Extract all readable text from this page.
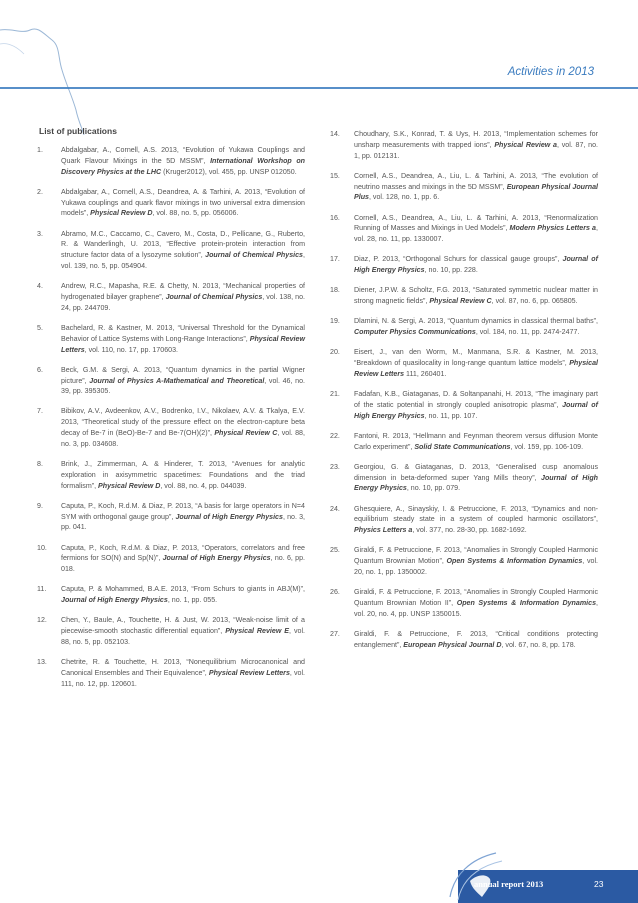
Activities in 2013
List of publications
1.	Abdalgabar, A., Cornell, A.S. 2013, “Evolution of Yukawa Couplings and Quark Flavour Mixings in the 5D MSSM”, International Workshop on Discovery Physics at the LHC (Kruger2012), vol. 455, pp. UNSP 012050.
2.	Abdalgabar, A., Cornell, A.S., Deandrea, A. & Tarhini, A. 2013, “Evolution of Yukawa couplings and quark flavor mixings in two universal extra dimension models”, Physical Review D, vol. 88, no. 5, pp. 056006.
3.	Abramo, M.C., Caccamo, C., Cavero, M., Costa, D., Pellicane, G., Ruberto, R. & Wanderlingh, U. 2013, “Effective protein-protein interaction from structure factor data of a lysozyme solution”, Journal of Chemical Physics, vol. 139, no. 5, pp. 054904.
4.	Andrew, R.C., Mapasha, R.E. & Chetty, N. 2013, “Mechanical properties of hydrogenated bilayer graphene”, Journal of Chemical Physics, vol. 138, no. 24, pp. 244709.
5.	Bachelard, R. & Kastner, M. 2013, “Universal Threshold for the Dynamical Behavior of Lattice Systems with Long-Range Interactions”, Physical Review Letters, vol. 110, no. 17, pp. 170603.
6.	Beck, G.M. & Sergi, A. 2013, “Quantum dynamics in the partial Wigner picture”, Journal of Physics A-Mathematical and Theoretical, vol. 46, no. 39, pp. 395305.
7.	Bibikov, A.V., Avdeenkov, A.V., Bodrenko, I.V., Nikolaev, A.V. & Tkalya, E.V. 2013, “Theoretical study of the pressure effect on the electron-capture beta decay of Be-7 in (BeO)-Be-7 and Be-7(OH)(2)”, Physical Review C, vol. 88, no. 3, pp. 034608.
8.	Brink, J., Zimmerman, A. & Hinderer, T. 2013, “Avenues for analytic exploration in axisymmetric spacetimes: Foundations and the triad formalism”, Physical Review D, vol. 88, no. 4, pp. 044039.
9.	Caputa, P., Koch, R.d.M. & Diaz, P. 2013, “A basis for large operators in N=4 SYM with orthogonal gauge group”, Journal of High Energy Physics, no. 3, pp. 041.
10.	Caputa, P., Koch, R.d.M. & Diaz, P. 2013, “Operators, correlators and free fermions for SO(N) and Sp(N)”, Journal of High Energy Physics, no. 6, pp. 018.
11.	Caputa, P. & Mohammed, B.A.E. 2013, “From Schurs to giants in ABJ(M)”, Journal of High Energy Physics, no. 1, pp. 055.
12.	Chen, Y., Baule, A., Touchette, H. & Just, W. 2013, “Weak-noise limit of a piecewise-smooth stochastic differential equation”, Physical Review E, vol. 88, no. 5, pp. 052103.
13.	Chetrite, R. & Touchette, H. 2013, “Nonequilibrium Microcanonical and Canonical Ensembles and Their Equivalence”, Physical Review Letters, vol. 111, no. 12, pp. 120601.
14.	Choudhary, S.K., Konrad, T. & Uys, H. 2013, “Implementation schemes for unsharp measurements with trapped ions”, Physical Review a, vol. 87, no. 1, pp. 012131.
15.	Cornell, A.S., Deandrea, A., Liu, L. & Tarhini, A. 2013, “The evolution of neutrino masses and mixings in the 5D MSSM”, European Physical Journal Plus, vol. 128, no. 1, pp. 6.
16.	Cornell, A.S., Deandrea, A., Liu, L. & Tarhini, A. 2013, “Renormalization Running of Masses and Mixings in Ued Models”, Modern Physics Letters a, vol. 28, no. 11, pp. 1330007.
17.	Diaz, P. 2013, “Orthogonal Schurs for classical gauge groups”, Journal of High Energy Physics, no. 10, pp. 228.
18.	Diener, J.P.W. & Scholtz, F.G. 2013, “Saturated symmetric nuclear matter in strong magnetic fields”, Physical Review C, vol. 87, no. 6, pp. 065805.
19.	Dlamini, N. & Sergi, A. 2013, “Quantum dynamics in classical thermal baths”, Computer Physics Communications, vol. 184, no. 11, pp. 2474-2477.
20.	Eisert, J., van den Worm, M., Manmana, S.R. & Kastner, M. 2013, “Breakdown of quasilocality in long-range quantum lattice models”, Physical Review Letters 111, 260401.
21.	Fadafan, K.B., Giataganas, D. & Soltanpanahi, H. 2013, “The imaginary part of the static potential in strongly coupled anisotropic plasma”, Journal of High Energy Physics, no. 11, pp. 107.
22.	Fantoni, R. 2013, “Hellmann and Feynman theorem versus diffusion Monte Carlo experiment”, Solid State Communications, vol. 159, pp. 106-109.
23.	Georgiou, G. & Giataganas, D. 2013, “Generalised cusp anomalous dimension in beta-deformed super Yang Mills theory”, Journal of High Energy Physics, no. 10, pp. 079.
24.	Ghesquiere, A., Sinayskiy, I. & Petruccione, F. 2013, “Dynamics and non-equilibrium steady state in a system of coupled harmonic oscillators”, Physics Letters a, vol. 377, no. 28-30, pp. 1682-1692.
25.	Giraldi, F. & Petruccione, F. 2013, “Anomalies in Strongly Coupled Harmonic Quantum Brownian Motion”, Open Systems & Information Dynamics, vol. 20, no. 1, pp. 1350002.
26.	Giraldi, F. & Petruccione, F. 2013, “Anomalies in Strongly Coupled Harmonic Quantum Brownian Motion II”, Open Systems & Information Dynamics, vol. 20, no. 4, pp. UNSP 1350015.
27.	Giraldi, F. & Petruccione, F. 2013, “Critical conditions protecting entanglement”, European Physical Journal D, vol. 67, no. 8, pp. 178.
annual report 2013	23
